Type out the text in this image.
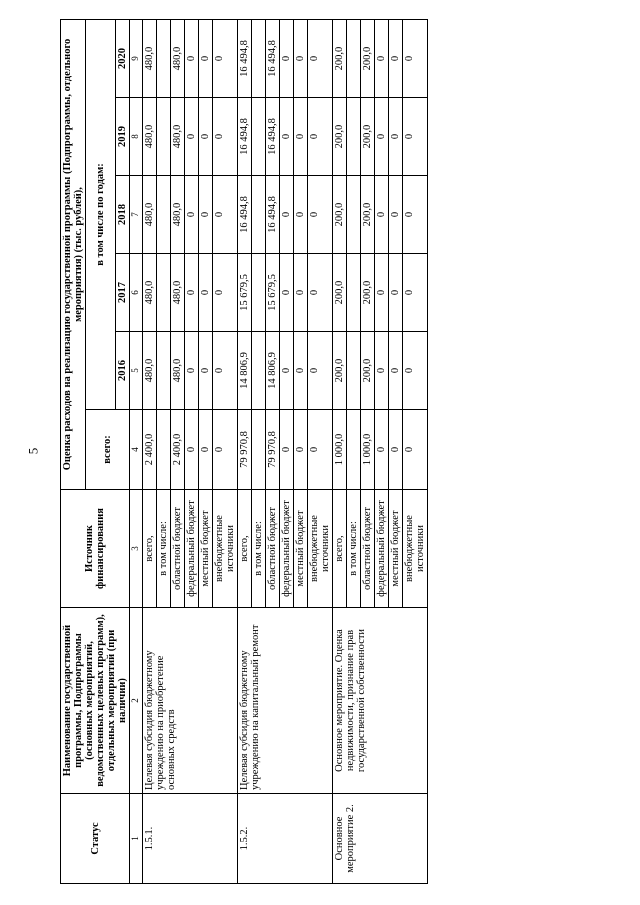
5
Статус	Наименование государственной программы, Подпрограммы (основных мероприятий, ведомственных целевых программ), отдельных мероприятий (при наличии)	Источник финансирования	Оценка расходов на реализацию государственной программы (Подпрограммы, отдельного мероприятия) (тыс. рублей),					
			всего:	в том числе по годам:				
				2016	2017	2018	2019	2020
1	2	3	4	5	6	7	8	9
1.5.1.	Целевая субсидия бюджетному учреждению на приобретение основных средств	всего,	2 400,0	480,0	480,0	480,0	480,0	480,0
		в том числе:						
		областной бюджет	2 400,0	480,0	480,0	480,0	480,0	480,0
		федеральный бюджет	0	0	0	0	0	0
		местный бюджет	0	0	0	0	0	0
		внебюджетные источники	0	0	0	0	0	0
1.5.2.	Целевая субсидия бюджетному учреждению на капитальный ремонт	всего,	79 970,8	14 806,9	15 679,5	16 494,8	16 494,8	16 494,8
		в том числе:						
		областной бюджет	79 970,8	14 806,9	15 679,5	16 494,8	16 494,8	16 494,8
		федеральный бюджет	0	0	0	0	0	0
		местный бюджет	0	0	0	0	0	0
		внебюджетные источники	0	0	0	0	0	0
Основное мероприятие 2.	Основное мероприятие. Оценка недвижимости, признание прав государственной собственности	всего,	1 000,0	200,0	200,0	200,0	200,0	200,0
		в том числе:						
		областной бюджет	1 000,0	200,0	200,0	200,0	200,0	200,0
		федеральный бюджет	0	0	0	0	0	0
		местный бюджет	0	0	0	0	0	0
		внебюджетные источники	0	0	0	0	0	0
